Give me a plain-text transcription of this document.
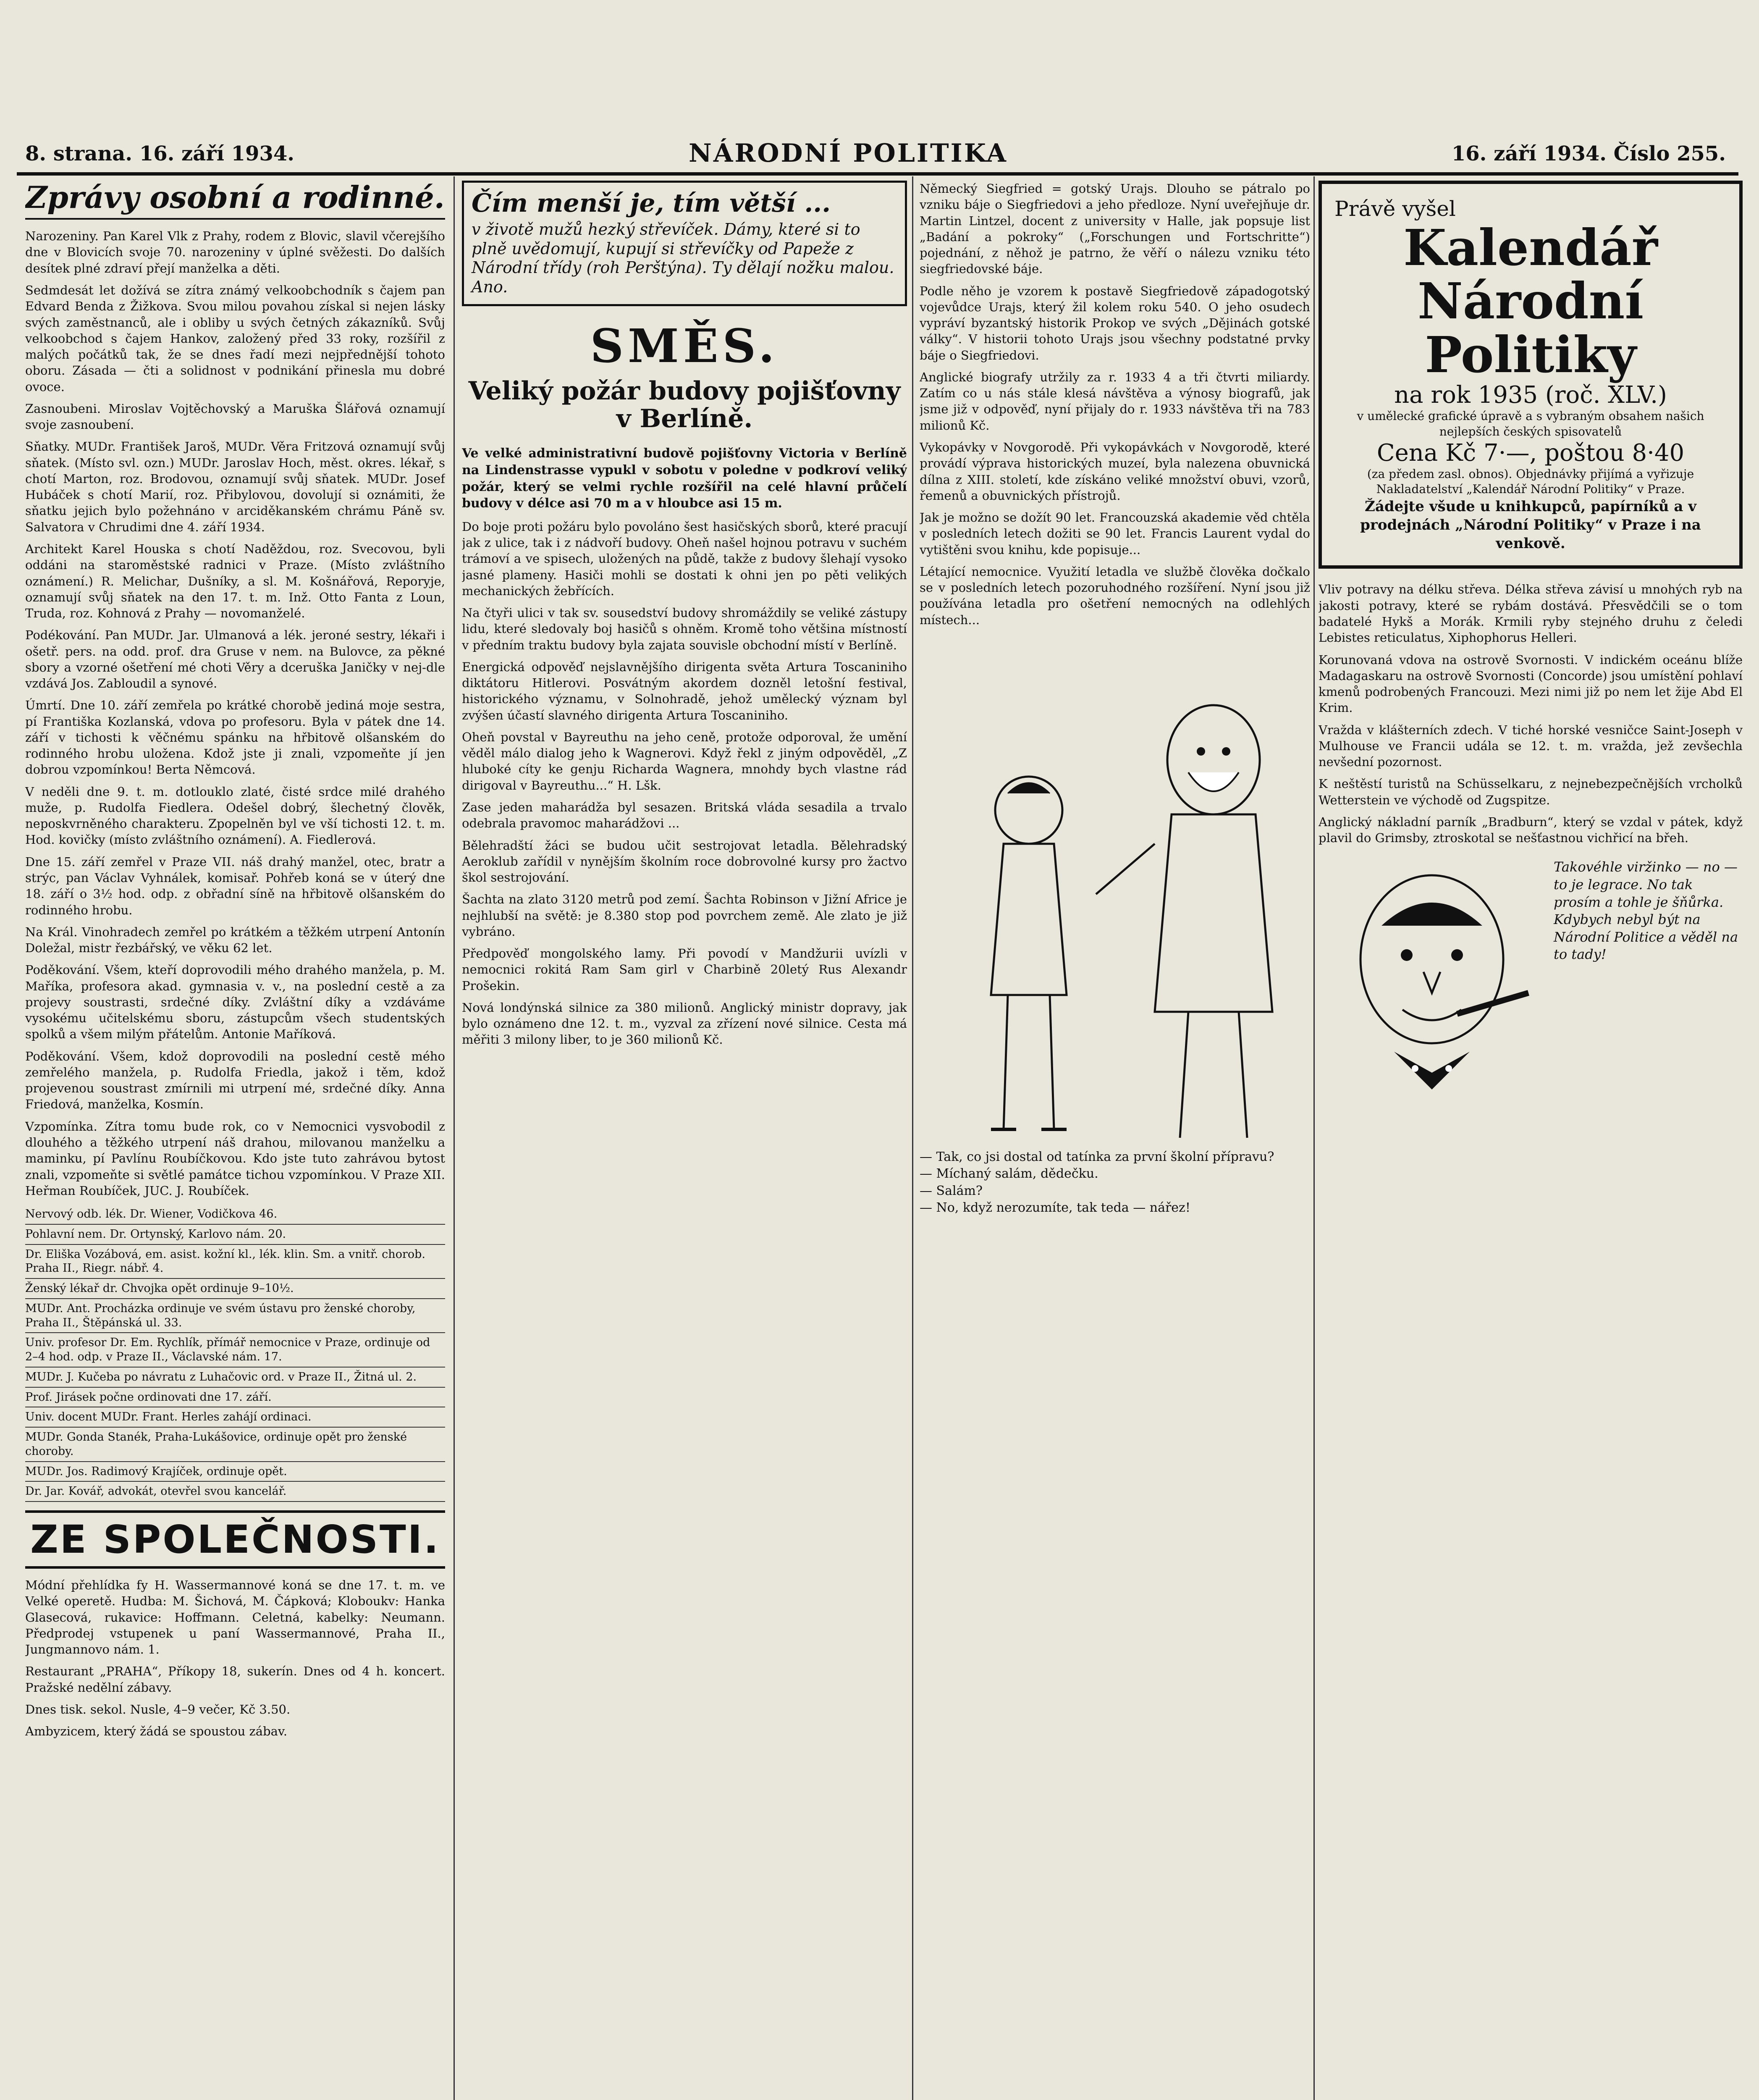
8. strana. 16. září 1934.	NÁRODNÍ POLITIKA	16. září 1934. Číslo 255.
Zprávy osobní a rodinné.

Narozeniny. Pan Karel Vlk z Prahy, rodem z Blovic, slavil včerejšího dne v Blovicích svoje 70. narozeniny v úplné svěžesti. Do dalších desítek plné zdraví přejí manželka a děti.

Sedmdesát let dožívá se zítra známý velkoobchodník s čajem pan Edvard Benda z Žižkova. Svou milou povahou získal si nejen lásky svých zaměstnanců, ale i obliby u svých četných zákazníků. Svůj velkoobchod s čajem Hankov, založený před 33 roky, rozšířil z malých počátků tak, že se dnes řadí mezi nejpřednější tohoto oboru. Zásada — čti a solidnost v podnikání přinesla mu dobré ovoce.

Zasnoubeni. Miroslav Vojtěchovský a Maruška Šlářová oznamují svoje zasnoubení.

Sňatky. MUDr. František Jaroš, MUDr. Věra Fritzová oznamují svůj sňatek. (Místo svl. ozn.) MUDr. Jaroslav Hoch, měst. okres. lékař, s chotí Marton, roz. Brodovou, oznamují svůj sňatek. MUDr. Josef Hubáček s chotí Marií, roz. Přibylovou, dovolují si oznámiti, že sňatku jejich bylo požehnáno v arciděkanském chrámu Páně sv. Salvatora v Chrudimi dne 4. září 1934.

Architekt Karel Houska s chotí Naděždou, roz. Svecovou, byli oddáni na staroměstské radnici v Praze. (Místo zvláštního oznámení.) R. Melichar, Dušníky, a sl. M. Košnářová, Reporyje, oznamují svůj sňatek na den 17. t. m. Inž. Otto Fanta z Loun, Truda, roz. Kohnová z Prahy — novomanželé.

Podékování. Pan MUDr. Jar. Ulmanová a lék. jeroné sestry, lékaři i ošetř. pers. na odd. prof. dra Gruse v nem. na Bulovce, za pěkné sbory a vzorné ošetření mé choti Věry a dceruška Janičky v nej-dle vzdává Jos. Zabloudil a synové.

Úmrtí. Dne 10. září zemřela po krátké chorobě jediná moje sestra, pí Františka Kozlanská, vdova po profesoru. Byla v pátek dne 14. září v tichosti k věčnému spánku na hřbitově olšanském do rodinného hrobu uložena. Kdož jste ji znali, vzpomeňte jí jen dobrou vzpomínkou! Berta Němcová.

V neděli dne 9. t. m. dotlouklo zlaté, čisté srdce milé drahého muže, p. Rudolfa Fiedlera. Odešel dobrý, šlechetný člověk, neposkvrněného charakteru. Zpopelněn byl ve vší tichosti 12. t. m. Hod. kovičky (místo zvláštního oznámení). A. Fiedlerová.

Dne 15. září zemřel v Praze VII. náš drahý manžel, otec, bratr a strýc, pan Václav Vyhnálek, komisař. Pohřeb koná se v úterý dne 18. září o 3½ hod. odp. z obřadní síně na hřbitově olšanském do rodinného hrobu.

Na Král. Vinohradech zemřel po krátkém a těžkém utrpení Antonín Doležal, mistr řezbářský, ve věku 62 let.

Poděkování. Všem, kteří doprovodili mého drahého manžela, p. M. Maříka, profesora akad. gymnasia v. v., na poslední cestě a za projevy soustrasti, srdečné díky. Zvláštní díky a vzdáváme vysokému učitelskému sboru, zástupcům všech studentských spolků a všem milým přátelům. Antonie Maříková.

Poděkování. Všem, kdož doprovodili na poslední cestě mého zemřelého manžela, p. Rudolfa Friedla, jakož i těm, kdož projevenou soustrast zmírnili mi utrpení mé, srdečné díky. Anna Friedová, manželka, Kosmín.

Vzpomínka. Zítra tomu bude rok, co v Nemocnici vysvobodil z dlouhého a těžkého utrpení náš drahou, milovanou manželku a maminku, pí Pavlínu Roubíčkovou. Kdo jste tuto zahrávou bytost znali, vzpomeňte si světlé památce tichou vzpomínkou. V Praze XII. Heřman Roubíček, JUC. J. Roubíček.

Nervový odb. lék. Dr. Wiener, Vodičkova 46.
Pohlavní nem. Dr. Ortynský, Karlovo nám. 20.
Dr. Eliška Vozábová, em. asist. kožní kl., lék. klin. Sm. a vnitř. chorob. Praha II., Riegr. nábř. 4.
Ženský lékař dr. Chvojka opět ordinuje 9–10½.
MUDr. Ant. Procházka ordinuje ve svém ústavu pro ženské choroby, Praha II., Štěpánská ul. 33.
Univ. profesor Dr. Em. Rychlík, přímář nemocnice v Praze, ordinuje od 2–4 hod. odp. v Praze II., Václavské nám. 17.
MUDr. J. Kučeba po návratu z Luhačovic ord. v Praze II., Žitná ul. 2.
Prof. Jirásek počne ordinovati dne 17. září.
Univ. docent MUDr. Frant. Herles zahájí ordinaci.
MUDr. Gonda Stanék, Praha-Lukášovice, ordinuje opět pro ženské choroby.
MUDr. Jos. Radimový Krajíček, ordinuje opět.
Dr. Jar. Kovář, advokát, otevřel svou kancelář.
ZE SPOLEČNOSTI.

Módní přehlídka fy H. Wassermannové koná se dne 17. t. m. ve Velké operetě. Hudba: M. Šichová, M. Čápková; Kloboukv: Hanka Glasecová, rukavice: Hoffmann. Celetná, kabelky: Neumann. Předprodej vstupenek u paní Wassermannové, Praha II., Jungmannovo nám. 1.

Restaurant „PRAHA“, Příkopy 18, sukerín. Dnes od 4 h. koncert. Pražské nedělní zábavy.

Dnes tisk. sekol. Nusle, 4–9 večer, Kč 3.50.

Ambyzicem, který žádá se spoustou zábav.

Čím menší je, tím větší ...
v životě mužů hezký střevíček. Dámy, které si to plně uvědomují, kupují si střevíčky od Papeže z Národní třídy (roh Perštýna). Ty dělají nožku malou. Ano.
SMĚS.
Veliký požár budovy pojišťovny v Berlíně.

Ve velké administrativní budově pojišťovny Victoria v Berlíně na Lindenstrasse vypukl v sobotu v poledne v podkroví veliký požár, který se velmi rychle rozšířil na celé hlavní průčelí budovy v délce asi 70 m a v hloubce asi 15 m.

Do boje proti požáru bylo povoláno šest hasičských sborů, které pracují jak z ulice, tak i z nádvoří budovy. Oheň našel hojnou potravu v suchém trámoví a ve spisech, uložených na půdě, takže z budovy šlehají vysoko jasné plameny. Hasiči mohli se dostati k ohni jen po pěti velikých mechanických žebřících.

Na čtyři ulici v tak sv. sousedství budovy shromáždily se veliké zástupy lidu, které sledovaly boj hasičů s ohněm. Kromě toho většina místností v předním traktu budovy byla zajata souvisle obchodní místí v Berlíně.

Energická odpověď nejslavnějšího dirigenta světa Artura Toscaniniho diktátoru Hitlerovi. Posvátným akordem dozněl letošní festival, historického významu, v Solnohradě, jehož umělecký význam byl zvýšen účastí slavného dirigenta Artura Toscaniniho.

Oheň povstal v Bayreuthu na jeho ceně, protože odporoval, že umění věděl málo dialog jeho k Wagnerovi. Když řekl z jiným odpověděl, „Z hluboké cíty ke genju Richarda Wagnera, mnohdy bych vlastne rád dirigoval v Bayreuthu...“ H. Lšk.

Zase jeden maharádža byl sesazen. Britská vláda sesadila a trvalo odebrala pravomoc maharádžovi ...

Bělehradští žáci se budou učit sestrojovat letadla. Bělehradský Aeroklub zařídil v nynějším školním roce dobrovolné kursy pro žactvo škol sestrojování.

Šachta na zlato 3120 metrů pod zemí. Šachta Robinson v Jižní Africe je nejhlubší na světě: je 8.380 stop pod povrchem země. Ale zlato je již vybráno.

Předpověď mongolského lamy. Při povodí v Mandžurii uvízli v nemocnici rokitá Ram Sam girl v Charbině 20letý Rus Alexandr Prošekin.

Nová londýnská silnice za 380 milionů. Anglický ministr dopravy, jak bylo oznámeno dne 12. t. m., vyzval za zřízení nové silnice. Cesta má měřiti 3 milony liber, to je 360 milionů Kč.

Německý Siegfried = gotský Urajs. Dlouho se pátralo po vzniku báje o Siegfriedovi a jeho předloze. Nyní uveřejňuje dr. Martin Lintzel, docent z university v Halle, jak popsuje list „Badání a pokroky“ („Forschungen und Fortschritte“) pojednání, z něhož je patrno, že věří o nálezu vzniku této siegfriedovské báje.

Podle něho je vzorem k postavě Siegfriedově západogotský vojevůdce Urajs, který žil kolem roku 540. O jeho osudech vypráví byzantský historik Prokop ve svých „Dějinách gotské války“. V historii tohoto Urajs jsou všechny podstatné prvky báje o Siegfriedovi.

Anglické biografy utržily za r. 1933 4 a tři čtvrti miliardy. Zatím co u nás stále klesá návštěva a výnosy biografů, jak jsme již v odpověď, nyní přijaly do r. 1933 návštěva tři na 783 milionů Kč.

Vykopávky v Novgorodě. Při vykopávkách v Novgorodě, které provádí výprava historických muzeí, byla nalezena obuvnická dílna z XIII. století, kde získáno veliké množství obuvi, vzorů, řemenů a obuvnických přístrojů.

Jak je možno se dožít 90 let. Francouzská akademie věd chtěla v posledních letech dožiti se 90 let. Francis Laurent vydal do vytištěni svou knihu, kde popisuje...

Létající nemocnice. Využití letadla ve službě člověka dočkalo se v posledních letech pozoruhodného rozšíření. Nyní jsou již používána letadla pro ošetření nemocných na odlehlých místech...

— Tak, co jsi dostal od tatínka za první školní přípravu?
— Míchaný salám, dědečku.
— Salám?
— No, když nerozumíte, tak teda — nářez!
Právě vyšel
Kalendář
Národní
Politiky
na rok 1935 (roč. XLV.)
v umělecké grafické úpravě a s vybraným obsahem našich nejlepších českých spisovatelů
Cena Kč 7·—, poštou 8·40
(za předem zasl. obnos). Objednávky přijímá a vyřizuje Nakladatelství „Kalendář Národní Politiky“ v Praze.
Žádejte všude u knihkupců, papírníků a v prodejnách „Národní Politiky“ v Praze i na venkově.

Vliv potravy na délku střeva. Délka střeva závisí u mnohých ryb na jakosti potravy, které se rybám dostává. Přesvědčili se o tom badatelé Hykš a Morák. Krmili ryby stejného druhu z čeledi Lebistes reticulatus, Xiphophorus Helleri.

Korunovaná vdova na ostrově Svornosti. V indickém oceánu blíže Madagaskaru na ostrově Svornosti (Concorde) jsou umístění pohlaví kmenů podrobených Francouzi. Mezi nimi již po nem let žije Abd El Krim.

Vražda v klášterních zdech. V tiché horské vesničce Saint-Joseph v Mulhouse ve Francii udála se 12. t. m. vražda, jež zevšechla nevšední pozornost.

K neštěstí turistů na Schüsselkaru, z nejnebezpečnějších vrcholků Wetterstein ve východě od Zugspitze.

Anglický nákladní parník „Bradburn“, který se vzdal v pátek, když plavil do Grimsby, ztroskotal se nešťastnou vichřicí na břeh.

Takovéhle viržinko — no — to je legrace. No tak prosím a tohle je šňůrka. Kdybych nebyl být na Národní Politice a věděl na to tady!
